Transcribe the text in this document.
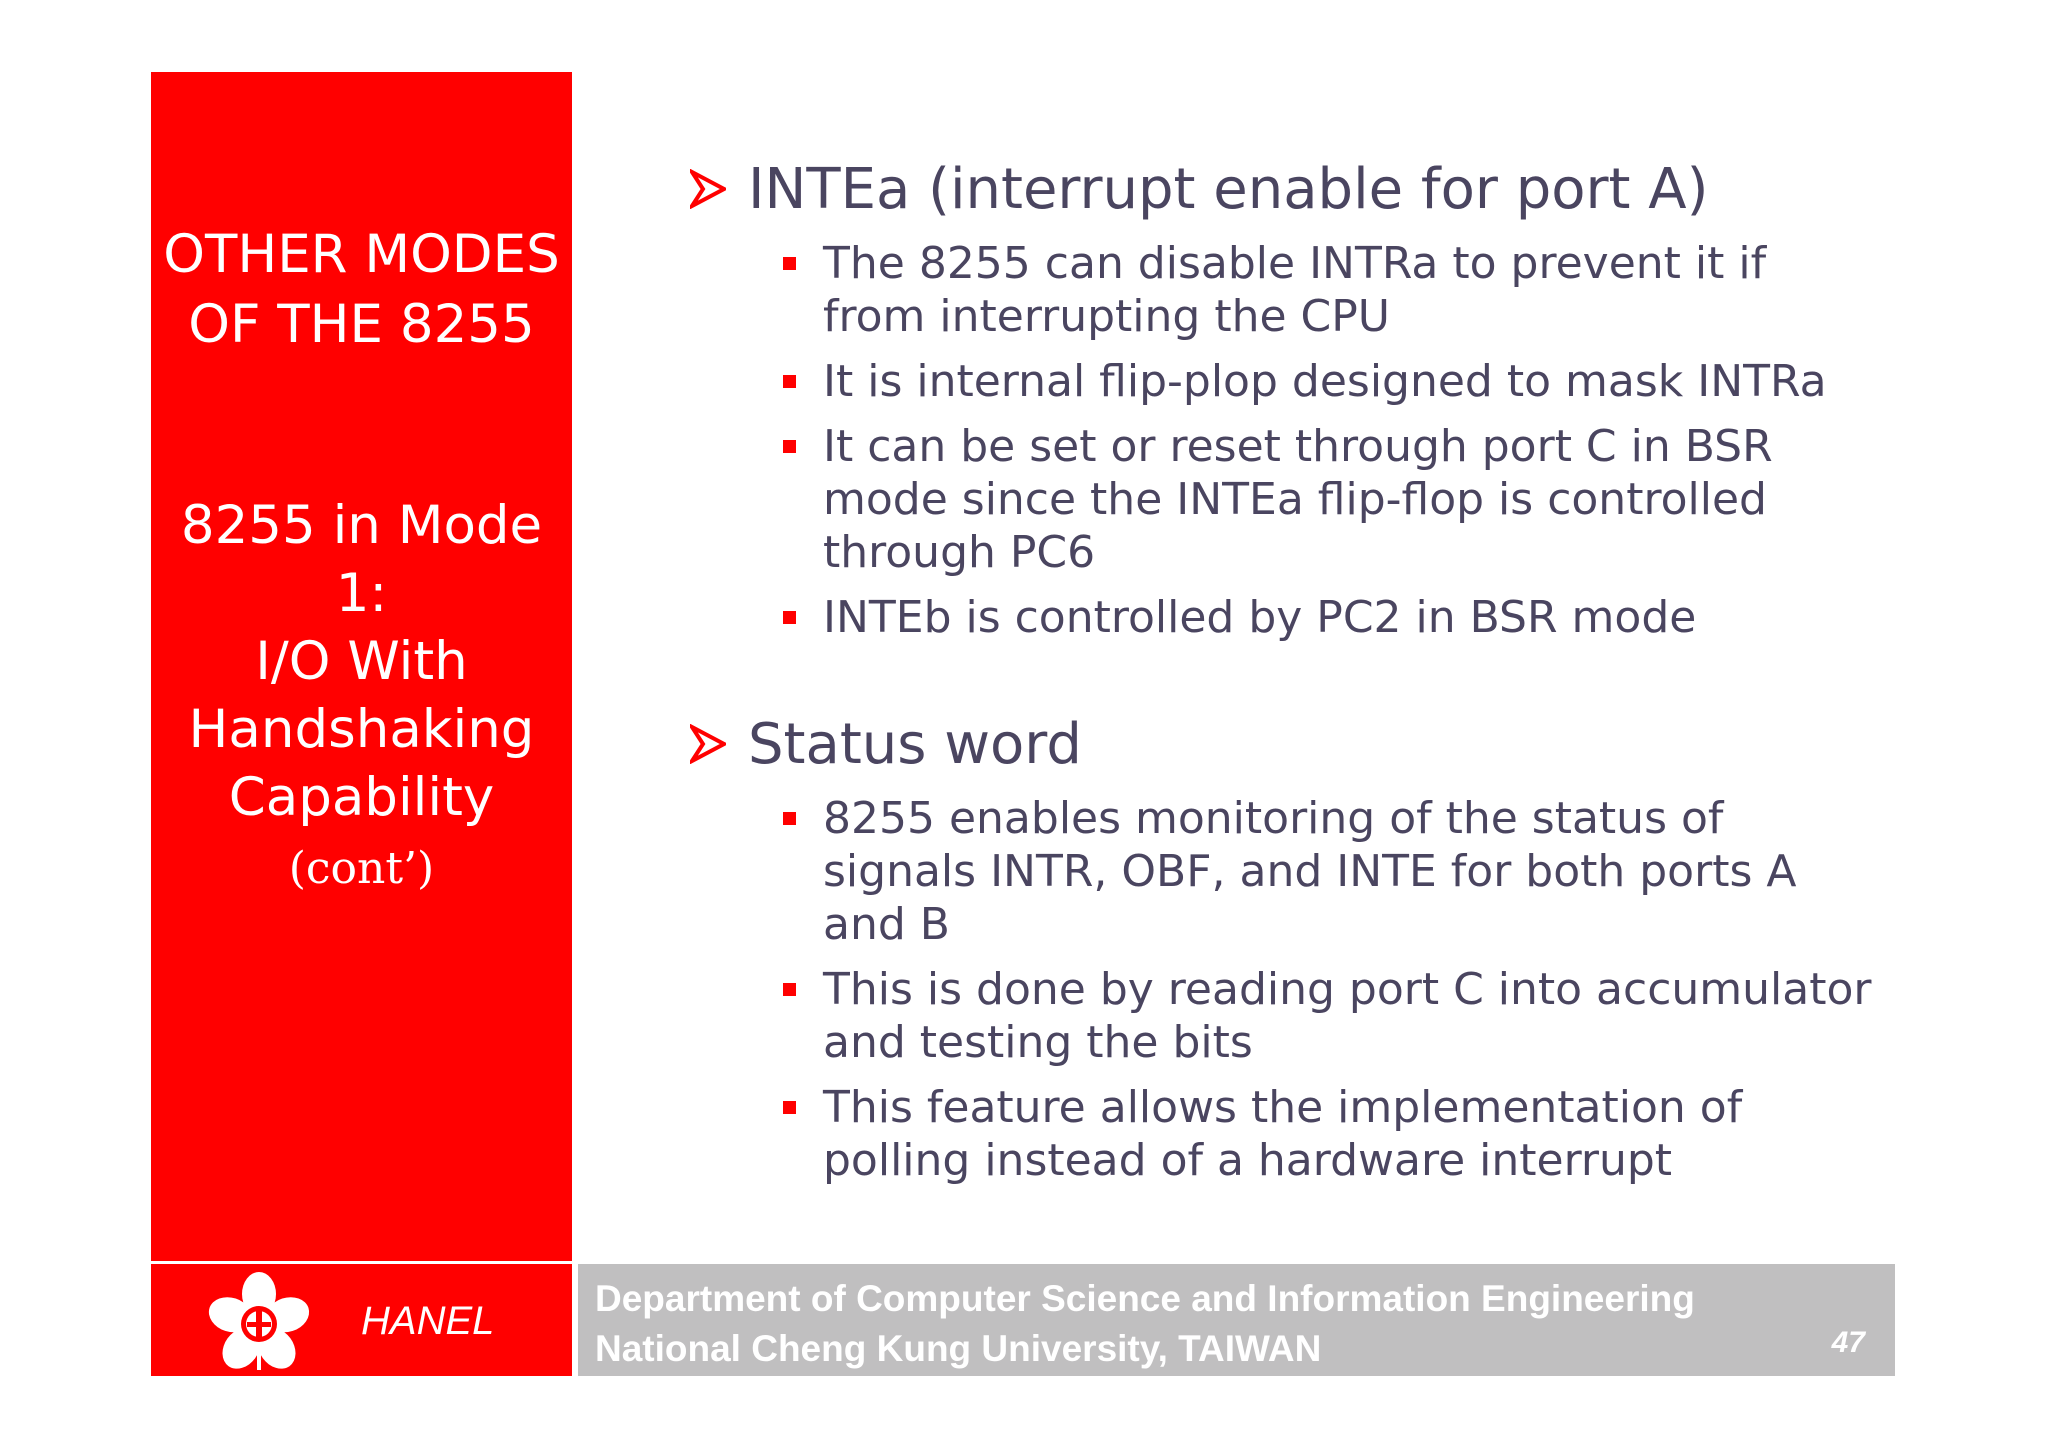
OTHER MODES
OF THE 8255
8255 in Mode 1:
I/O With
Handshaking
Capability (cont’)
INTEa (interrupt enable for port A)
The 8255 can disable INTRa to prevent it if
from interrupting the CPU
It is internal flip-plop designed to mask INTRa
It can be set or reset through port C in BSR
mode since the INTEa flip-flop is controlled
through PC6
INTEb is controlled by PC2 in BSR mode
Status word
8255 enables monitoring of the status of
signals INTR, OBF, and INTE for both ports A
and B
This is done by reading port C into accumulator
and testing the bits
This feature allows the implementation of
polling instead of a hardware interrupt
HANEL
Department of Computer Science and Information Engineering
National Cheng Kung University, TAIWAN	47
